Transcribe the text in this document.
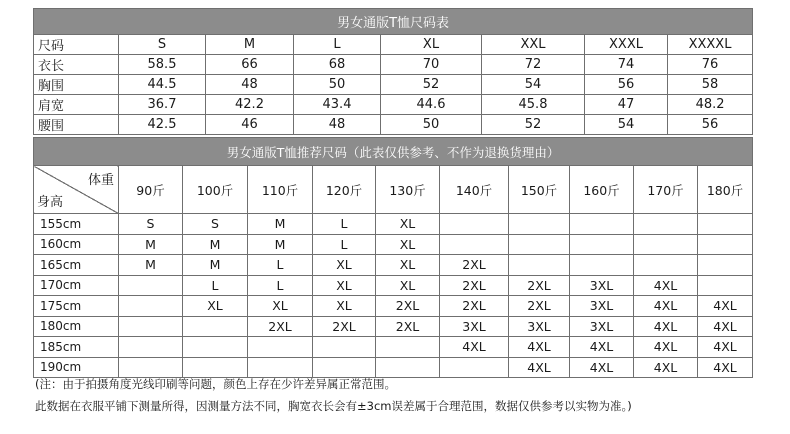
男女通版T恤尺码表							
尺码	S	M	L	XL	XXL	XXXL	XXXXL
衣长	58.5	66	68	70	72	74	76
胸围	44.5	48	50	52	54	56	58
肩宽	36.7	42.2	43.4	44.6	45.8	47	48.2
腰围	42.5	46	48	50	52	54	56
男女通版T恤推荐尺码（此表仅供参考、不作为退换货理由）										

体重
身高	90斤	100斤	110斤	120斤	130斤	140斤	150斤	160斤	170斤	180斤
155cm	S	S	M	L	XL					
160cm	M	M	M	L	XL					
165cm	M	M	L	XL	XL	2XL				
170cm		L	L	XL	XL	2XL	2XL	3XL	4XL	
175cm		XL	XL	XL	2XL	2XL	2XL	3XL	4XL	4XL
180cm			2XL	2XL	2XL	3XL	3XL	3XL	4XL	4XL
185cm						4XL	4XL	4XL	4XL	4XL
190cm							4XL	4XL	4XL	4XL
(注：由于拍摄角度光线印刷等问题，颜色上存在少许差异属正常范围。
此数据在衣服平铺下测量所得，因测量方法不同，胸宽衣长会有±3cm误差属于合理范围，数据仅供参考以实物为准。)
